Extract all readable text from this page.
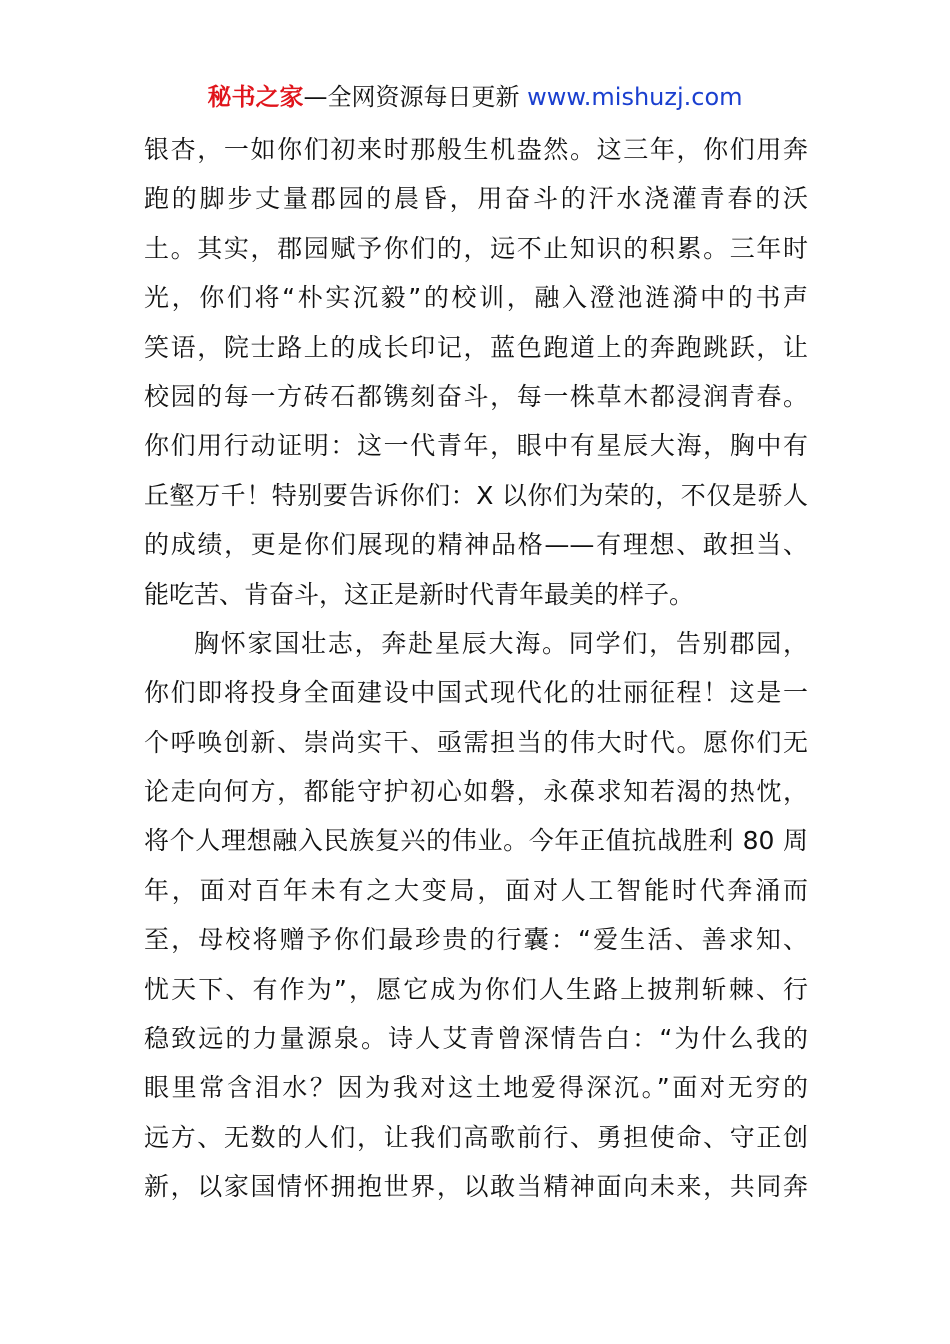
秘书之家—全网资源每日更新 www.mishuzj.com
银杏，一如你们初来时那般生机盎然。这三年，你们用奔
跑的脚步丈量郡园的晨昏，用奋斗的汗水浇灌青春的沃
土。其实，郡园赋予你们的，远不止知识的积累。三年时
光，你们将“朴实沉毅”的校训，融入澄池涟漪中的书声
笑语，院士路上的成长印记，蓝色跑道上的奔跑跳跃，让
校园的每一方砖石都镌刻奋斗，每一株草木都浸润青春。
你们用行动证明：这一代青年，眼中有星辰大海，胸中有
丘壑万千！特别要告诉你们：X 以你们为荣的，不仅是骄人
的成绩，更是你们展现的精神品格——有理想、敢担当、
能吃苦、肯奋斗，这正是新时代青年最美的样子。
胸怀家国壮志，奔赴星辰大海。同学们，告别郡园，
你们即将投身全面建设中国式现代化的壮丽征程！这是一
个呼唤创新、崇尚实干、亟需担当的伟大时代。愿你们无
论走向何方，都能守护初心如磐，永葆求知若渴的热忱，
将个人理想融入民族复兴的伟业。今年正值抗战胜利 80 周
年，面对百年未有之大变局，面对人工智能时代奔涌而
至，母校将赠予你们最珍贵的行囊：“爱生活、善求知、
忧天下、有作为”，愿它成为你们人生路上披荆斩棘、行
稳致远的力量源泉。诗人艾青曾深情告白：“为什么我的
眼里常含泪水？因为我对这土地爱得深沉。”面对无穷的
远方、无数的人们，让我们高歌前行、勇担使命、守正创
新，以家国情怀拥抱世界，以敢当精神面向未来，共同奔
